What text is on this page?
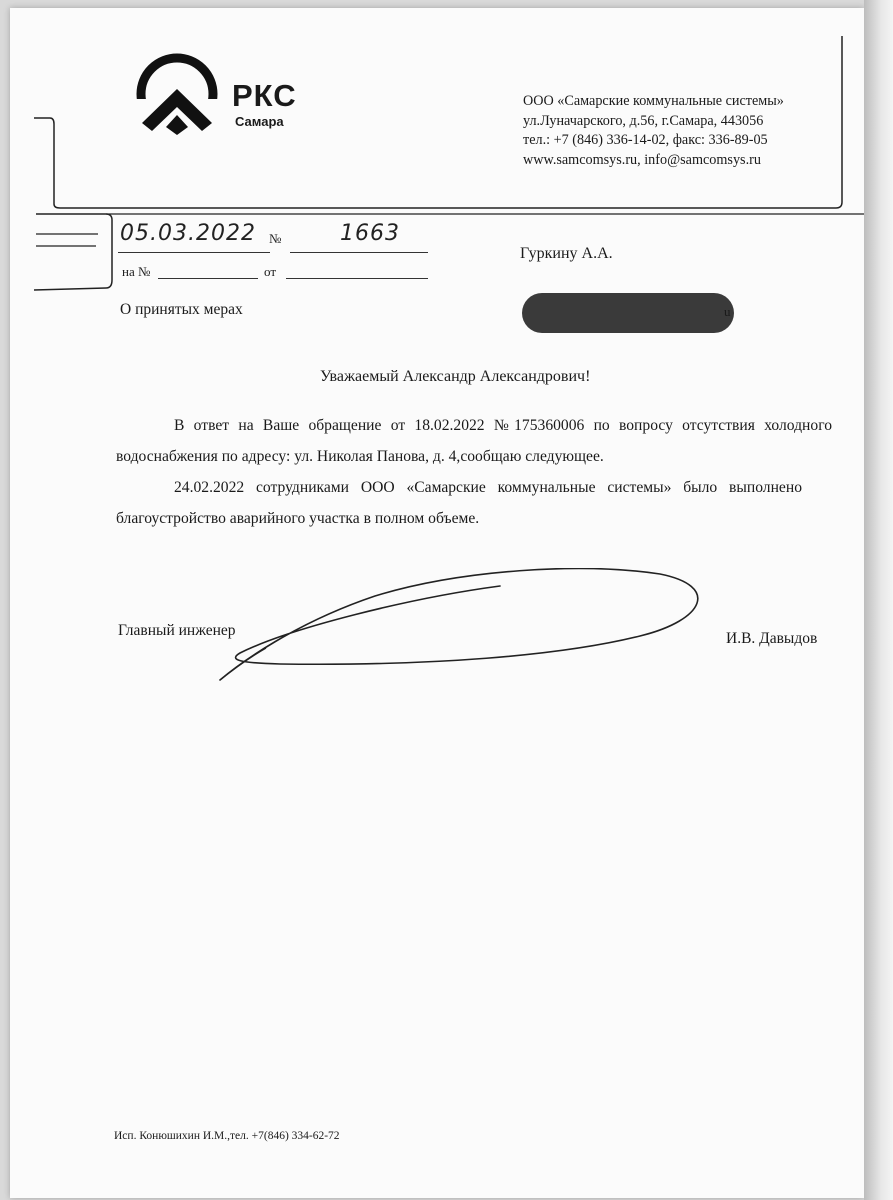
РКС
Самара
ООО «Самарские коммунальные системы»
ул.Луначарского, д.56, г.Самара, 443056
тел.: +7 (846) 336-14-02, факс: 336-89-05
www.samcomsys.ru, info@samcomsys.ru
05.03.2022 №	1663
на №	от
Гуркину А.А.
u
О принятых мерах
Уважаемый Александр Александрович!
В ответ на Ваше обращение от 18.02.2022 №175360006 по вопросу отсутствия холодного водоснабжения по адресу: ул. Николая Панова, д. 4,сообщаю следующее.
24.02.2022 сотрудниками ООО «Самарские коммунальные системы» было выполнено благоустройство аварийного участка в полном объеме.
Главный инженер	И.В. Давыдов
Исп. Конюшихин И.М.,тел. +7(846) 334-62-72
